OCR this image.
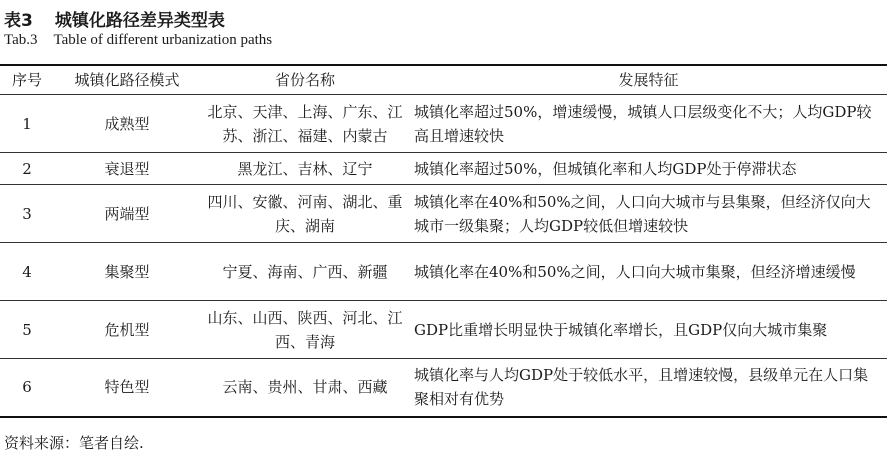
表3 城镇化路径差异类型表
Tab.3 Table of different urbanization paths
序号	城镇化路径模式	省份名称	发展特征
1	成熟型	北京、天津、上海、广东、江苏、浙江、福建、内蒙古	城镇化率超过50%，增速缓慢，城镇人口层级变化不大；人均GDP较高且增速较快
2	衰退型	黑龙江、吉林、辽宁	城镇化率超过50%，但城镇化率和人均GDP处于停滞状态
3	两端型	四川、安徽、河南、湖北、重庆、湖南	城镇化率在40%和50%之间，人口向大城市与县集聚，但经济仅向大城市一级集聚；人均GDP较低但增速较快
4	集聚型	宁夏、海南、广西、新疆	城镇化率在40%和50%之间，人口向大城市集聚，但经济增速缓慢
5	危机型	山东、山西、陕西、河北、江西、青海	GDP比重增长明显快于城镇化率增长，且GDP仅向大城市集聚
6	特色型	云南、贵州、甘肃、西藏	城镇化率与人均GDP处于较低水平，且增速较慢，县级单元在人口集聚相对有优势
资料来源：笔者自绘.
